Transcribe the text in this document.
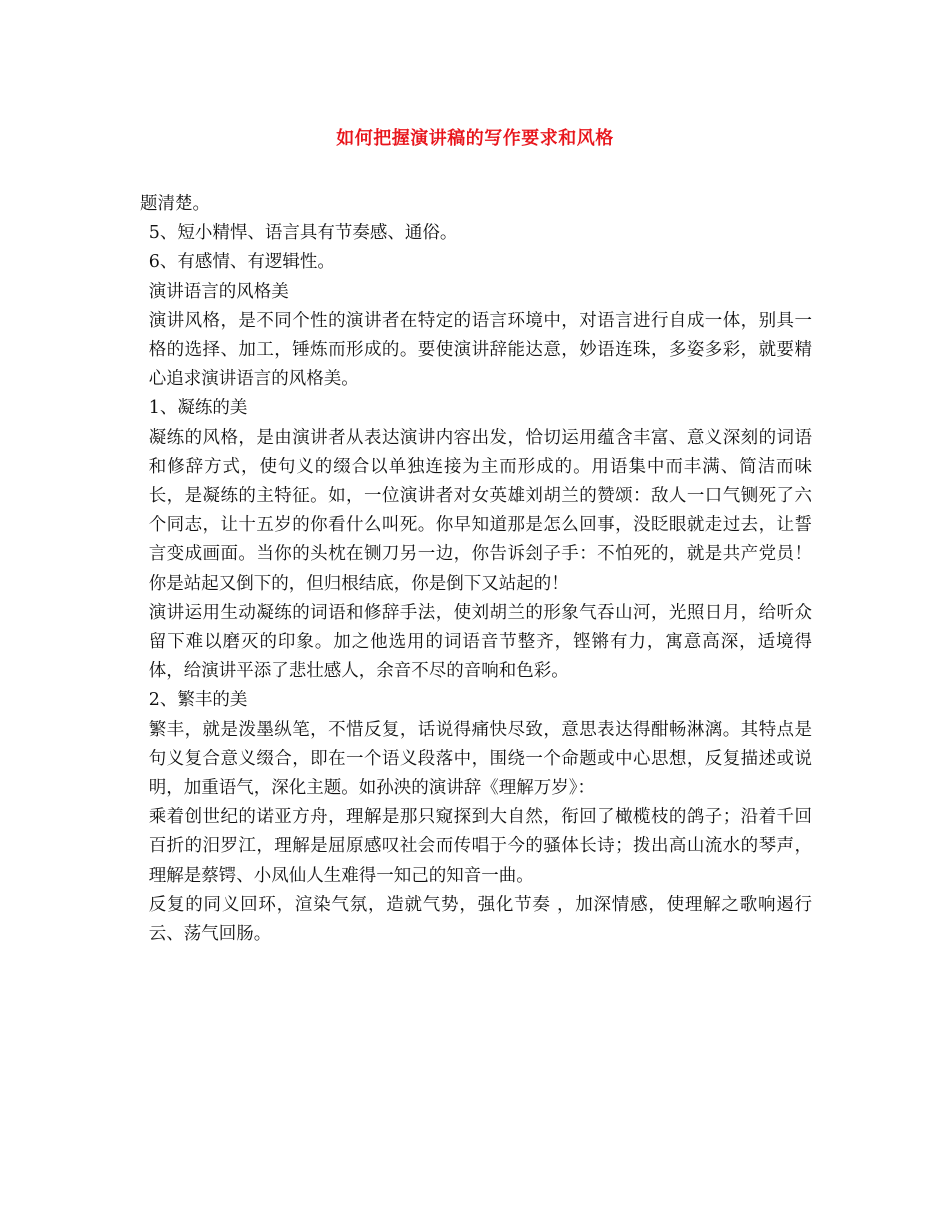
如何把握演讲稿的写作要求和风格

题清楚。

5、短小精悍、语言具有节奏感、通俗。

6、有感情、有逻辑性。

演讲语言的风格美

演讲风格，是不同个性的演讲者在特定的语言环境中，对语言进行自成一体，别具一格的选择、加工，锤炼而形成的。要使演讲辞能达意，妙语连珠，多姿多彩，就要精心追求演讲语言的风格美。

1、凝练的美

凝练的风格，是由演讲者从表达演讲内容出发，恰切运用蕴含丰富、意义深刻的词语和修辞方式，使句义的缀合以单独连接为主而形成的。用语集中而丰满、简洁而味长，是凝练的主特征。如，一位演讲者对女英雄刘胡兰的赞颂：敌人一口气铡死了六个同志，让十五岁的你看什么叫死。你早知道那是怎么回事，没眨眼就走过去，让誓言变成画面。当你的头枕在铡刀另一边，你告诉刽子手：不怕死的，就是共产党员！你是站起又倒下的，但归根结底，你是倒下又站起的！

演讲运用生动凝练的词语和修辞手法，使刘胡兰的形象气吞山河，光照日月，给听众留下难以磨灭的印象。加之他选用的词语音节整齐，铿锵有力，寓意高深，适境得体，给演讲平添了悲壮感人，余音不尽的音响和色彩。

2、繁丰的美

繁丰，就是泼墨纵笔，不惜反复，话说得痛快尽致，意思表达得酣畅淋漓。其特点是句义复合意义缀合，即在一个语义段落中，围绕一个命题或中心思想，反复描述或说明，加重语气，深化主题。如孙泱的演讲辞《理解万岁》：

乘着创世纪的诺亚方舟，理解是那只窥探到大自然，衔回了橄榄枝的鸽子；沿着千回百折的汨罗江，理解是屈原感叹社会而传唱于今的骚体长诗；拨出高山流水的琴声，理解是蔡锷、小凤仙人生难得一知己的知音一曲。

反复的同义回环，渲染气氛，造就气势，强化节奏 ，加深情感，使理解之歌响遏行云、荡气回肠。
